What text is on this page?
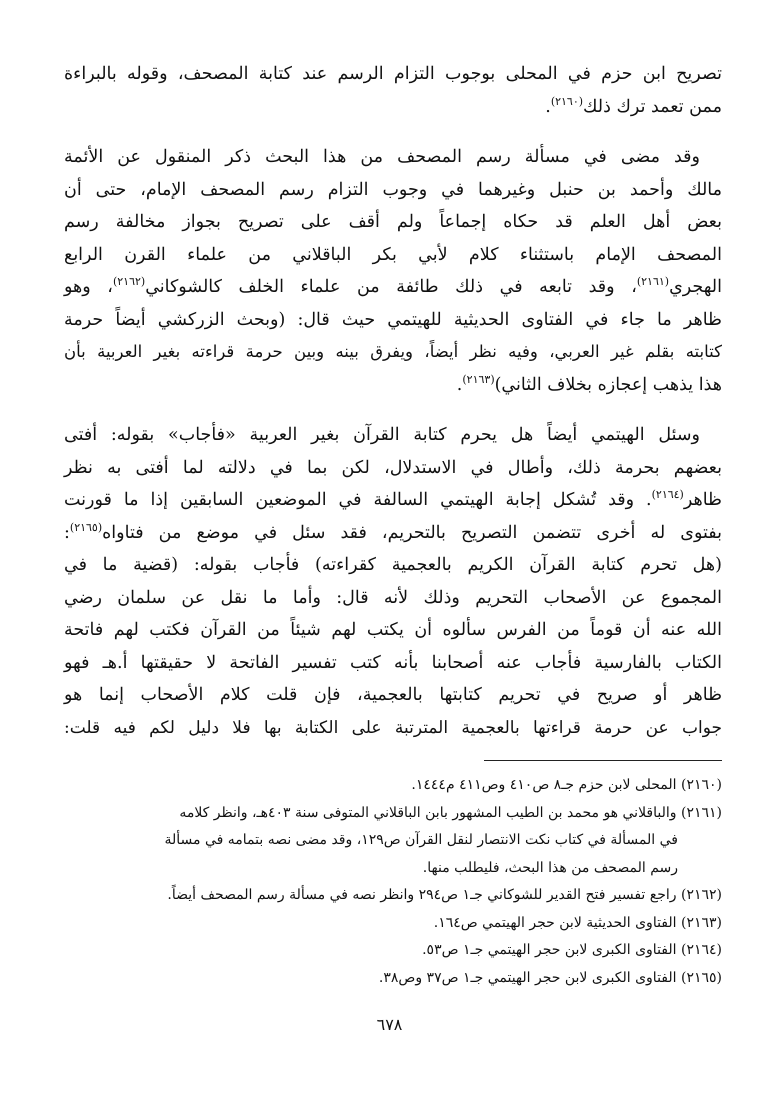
تصريح ابن حزم في المحلى بوجوب التزام الرسم عند كتابة المصحف، وقوله بالبراءة
ممن تعمد ترك ذلك$^{(٢١٦٠)}$.

وقد مضى في مسألة رسم المصحف من هذا البحث ذكر المنقول عن الأئمة
مالك وأحمد بن حنبل وغيرهما في وجوب التزام رسم المصحف الإمام، حتى أن
بعض أهل العلم قد حكاه إجماعاً ولم أقف على تصريح بجواز مخالفة رسم
المصحف الإمام باستثناء كلام لأبي بكر الباقلاني من علماء القرن الرابع
الهجري$^{(٢١٦١)}$، وقد تابعه في ذلك طائفة من علماء الخلف كالشوكاني$^{(٢١٦٢)}$، وهو
ظاهر ما جاء في الفتاوى الحديثية للهيتمي حيث قال: (وبحث الزركشي أيضاً حرمة
كتابته بقلم غير العربي، وفيه نظر أيضاً، ويفرق بينه وبين حرمة قراءته بغير العربية بأن
هذا يذهب إعجازه بخلاف الثاني)$^{(٢١٦٣)}$.

وسئل الهيتمي أيضاً هل يحرم كتابة القرآن بغير العربية «فأجاب» بقوله: أفتى
بعضهم بحرمة ذلك، وأطال في الاستدلال، لكن بما في دلالته لما أفتى به نظر
ظاهر$^{(٢١٦٤)}$. وقد تُشكل إجابة الهيتمي السالفة في الموضعين السابقين إذا ما قورنت
بفتوى له أخرى تتضمن التصريح بالتحريم، فقد سئل في موضع من فتاواه$^{(٢١٦٥)}$:
(هل تحرم كتابة القرآن الكريم بالعجمية كقراءته) فأجاب بقوله: (قضية ما في
المجموع عن الأصحاب التحريم وذلك لأنه قال: وأما ما نقل عن سلمان رضي
الله عنه أن قوماً من الفرس سألوه أن يكتب لهم شيئاً من القرآن فكتب لهم فاتحة
الكتاب بالفارسية فأجاب عنه أصحابنا بأنه كتب تفسير الفاتحة لا حقيقتها أ.هـ فهو
ظاهر أو صريح في تحريم كتابتها بالعجمية، فإن قلت كلام الأصحاب إنما هو
جواب عن حرمة قراءتها بالعجمية المترتبة على الكتابة بها فلا دليل لكم فيه قلت:

(٢١٦٠) المحلى لابن حزم جـ٨ ص٤١٠ وص٤١١ م١٤٤٤.
(٢١٦١) والباقلاني هو محمد بن الطيب المشهور بابن الباقلاني المتوفى سنة ٤٠٣هـ، وانظر كلامه
في المسألة في كتاب نكت الانتصار لنقل القرآن ص١٢٩، وقد مضى نصه بتمامه في مسألة
رسم المصحف من هذا البحث، فليطلب منها.
(٢١٦٢) راجع تفسير فتح القدير للشوكاني جـ١ ص٢٩٤ وانظر نصه في مسألة رسم المصحف أيضاً.
(٢١٦٣) الفتاوى الحديثية لابن حجر الهيتمي ص١٦٤.
(٢١٦٤) الفتاوى الكبرى لابن حجر الهيتمي جـ١ ص٥٣.
(٢١٦٥) الفتاوى الكبرى لابن حجر الهيتمي جـ١ ص٣٧ وص٣٨.
٦٧٨
